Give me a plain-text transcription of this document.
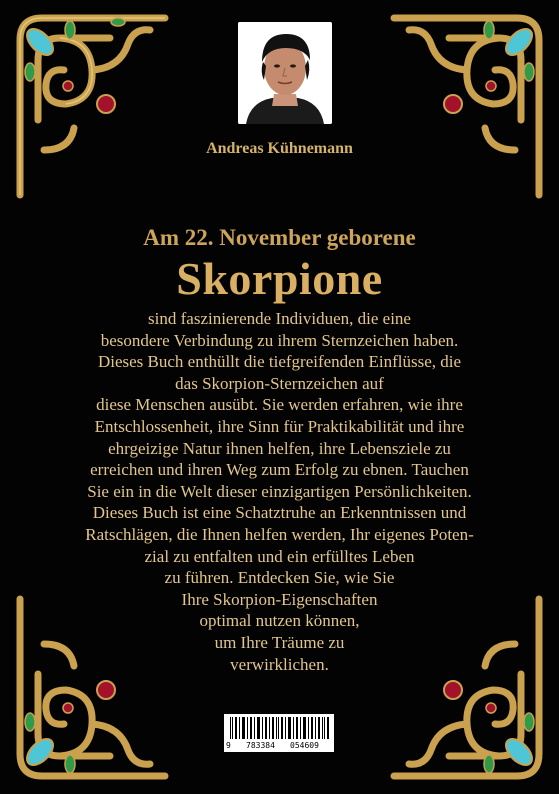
Andreas Kühnemann
Am 22. November geborene
Skorpione
sind faszinierende Individuen, die eine
besondere Verbindung zu ihrem Sternzeichen haben.
Dieses Buch enthüllt die tiefgreifenden Einflüsse, die
das Skorpion-Sternzeichen auf
diese Menschen ausübt. Sie werden erfahren, wie ihre
Entschlossenheit, ihre Sinn für Praktikabilität und ihre
ehrgeizige Natur ihnen helfen, ihre Lebensziele zu
erreichen und ihren Weg zum Erfolg zu ebnen. Tauchen
Sie ein in die Welt dieser einzigartigen Persönlichkeiten.
Dieses Buch ist eine Schatztruhe an Erkenntnissen und
Ratschlägen, die Ihnen helfen werden, Ihr eigenes Poten-
zial zu entfalten und ein erfülltes Leben
zu führen. Entdecken Sie, wie Sie
Ihre Skorpion-Eigenschaften
optimal nutzen können,
um Ihre Träume zu
verwirklichen.
9 783384 054609
